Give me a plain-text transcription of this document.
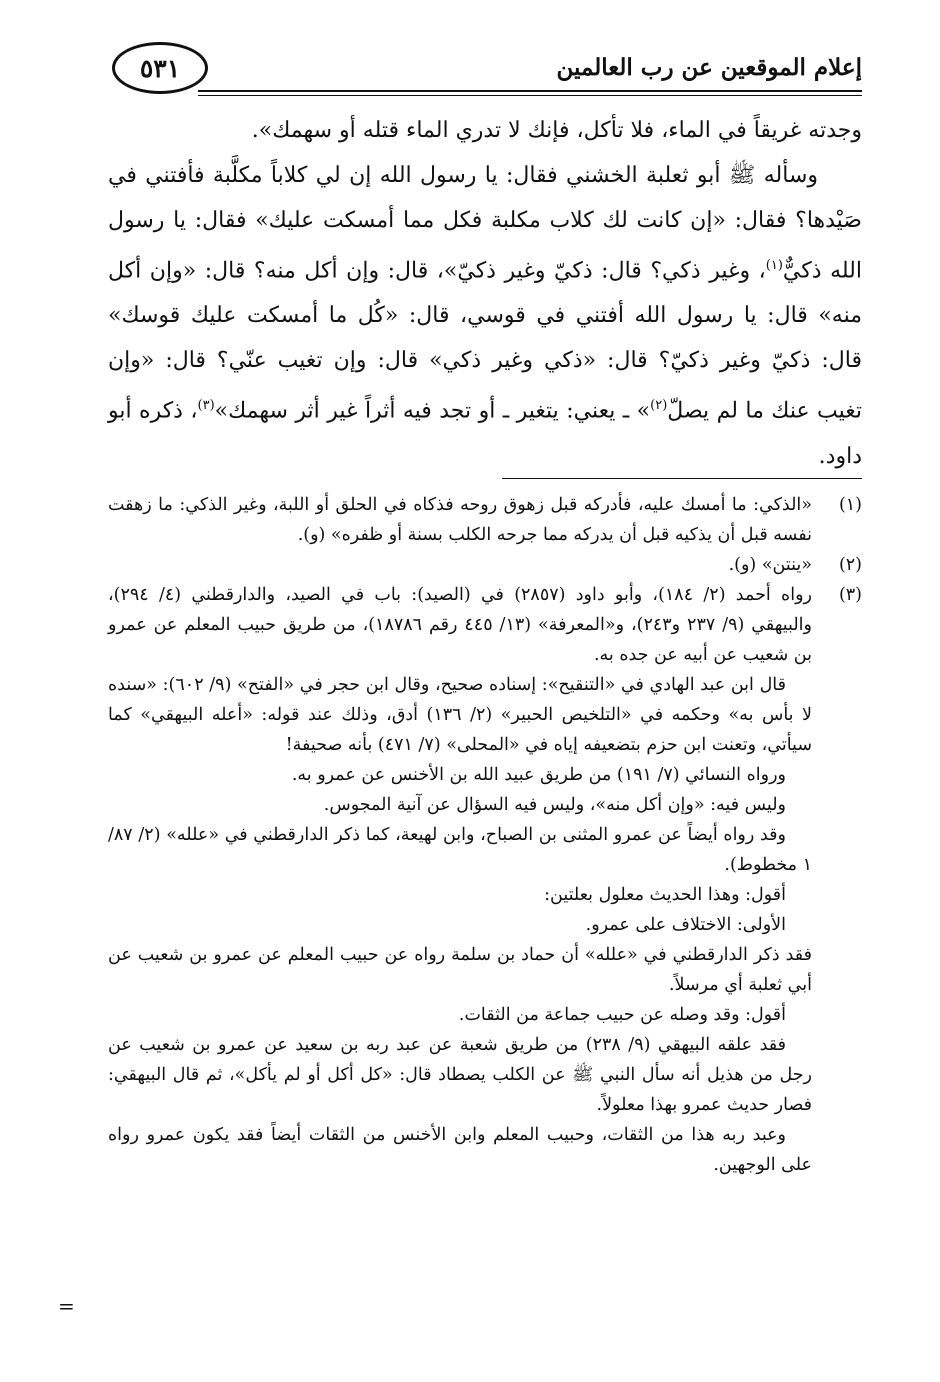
إعلام الموقعين عن رب العالمين
٥٣١

وجدته غريقاً في الماء، فلا تأكل، فإنك لا تدري الماء قتله أو سهمك».

وسأله ﷺ أبو ثعلبة الخشني فقال: يا رسول الله إن لي كلاباً مكلَّبة فأفتني في صَيْدها؟ فقال: «إن كانت لك كلاب مكلبة فكل مما أمسكت عليك» فقال: يا رسول الله ذكيٌّ$^{(١)}$، وغير ذكي؟ قال: ذكيّ وغير ذكيّ»، قال: وإن أكل منه؟ قال: «وإن أكل منه» قال: يا رسول الله أفتني في قوسي، قال: «كُل ما أمسكت عليك قوسك» قال: ذكيّ وغير ذكيّ؟ قال: «ذكي وغير ذكي» قال: وإن تغيب عنّي؟ قال: «وإن تغيب عنك ما لم يصلّ$^{(٢)}$» ـ يعني: يتغير ـ أو تجد فيه أثراً غير أثر سهمك»$^{(٣)}$، ذكره أبو داود.

(١)

«الذكي: ما أمسك عليه، فأدركه قبل زهوق روحه فذكاه في الحلق أو اللبة، وغير الذكي: ما زهقت نفسه قبل أن يذكيه قبل أن يدركه مما جرحه الكلب بسنة أو ظفره» (و).

(٢)

«ينتن» (و).

(٣)

رواه أحمد (٢/ ١٨٤)، وأبو داود (٢٨٥٧) في (الصيد): باب في الصيد، والدارقطني (٤/ ٢٩٤)، والبيهقي (٩/ ٢٣٧ و٢٤٣)، و«المعرفة» (١٣/ ٤٤٥ رقم ١٨٧٨٦)، من طريق حبيب المعلم عن عمرو بن شعيب عن أبيه عن جده به.

قال ابن عبد الهادي في «التنقيح»: إسناده صحيح، وقال ابن حجر في «الفتح» (٩/ ٦٠٢): «سنده لا بأس به» وحكمه في «التلخيص الحبير» (٢/ ١٣٦) أدق، وذلك عند قوله: «أعله البيهقي» كما سيأتي، وتعنت ابن حزم بتضعيفه إياه في «المحلى» (٧/ ٤٧١) بأنه صحيفة!

ورواه النسائي (٧/ ١٩١) من طريق عبيد الله بن الأخنس عن عمرو به.

وليس فيه: «وإن أكل منه»، وليس فيه السؤال عن آنية المجوس.

وقد رواه أيضاً عن عمرو المثنى بن الصباح، وابن لهيعة، كما ذكر الدارقطني في «علله» (٢/ ٨٧/ ١ مخطوط).

أقول: وهذا الحديث معلول بعلتين:

الأولى: الاختلاف على عمرو.

فقد ذكر الدارقطني في «علله» أن حماد بن سلمة رواه عن حبيب المعلم عن عمرو بن شعيب عن أبي ثعلبة أي مرسلاً.

أقول: وقد وصله عن حبيب جماعة من الثقات.

فقد علقه البيهقي (٩/ ٢٣٨) من طريق شعبة عن عبد ربه بن سعيد عن عمرو بن شعيب عن رجل من هذيل أنه سأل النبي ﷺ عن الكلب يصطاد قال: «كل أكل أو لم يأكل»، ثم قال البيهقي: فصار حديث عمرو بهذا معلولاً.

وعبد ربه هذا من الثقات، وحبيب المعلم وابن الأخنس من الثقات أيضاً فقد يكون عمرو رواه على الوجهين.

=
